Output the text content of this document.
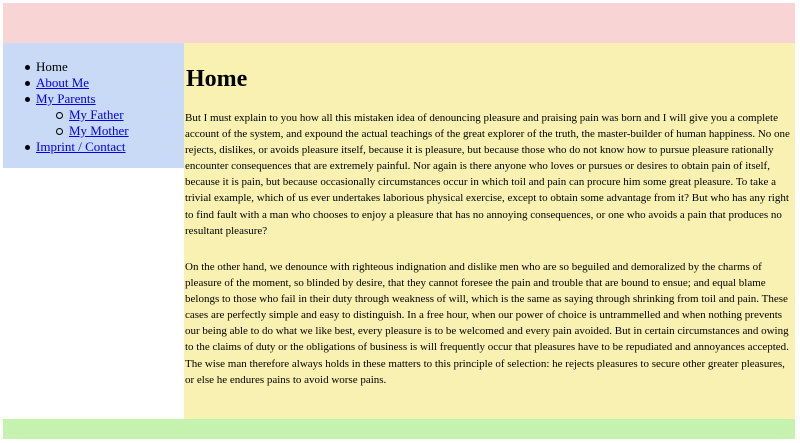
Home
About Me
My Parents
My Father
My Mother
Imprint / Contact
Home

But I must explain to you how all this mistaken idea of denouncing pleasure and praising pain was born and I will give you a complete account of the system, and expound the actual teachings of the great explorer of the truth, the master-builder of human happiness. No one rejects, dislikes, or avoids pleasure itself, because it is pleasure, but because those who do not know how to pursue pleasure rationally encounter consequences that are extremely painful. Nor again is there anyone who loves or pursues or desires to obtain pain of itself, because it is pain, but because occasionally circumstances occur in which toil and pain can procure him some great pleasure. To take a trivial example, which of us ever undertakes laborious physical exercise, except to obtain some advantage from it? But who has any right to find fault with a man who chooses to enjoy a pleasure that has no annoying consequences, or one who avoids a pain that produces no resultant pleasure?

On the other hand, we denounce with righteous indignation and dislike men who are so beguiled and demoralized by the charms of pleasure of the moment, so blinded by desire, that they cannot foresee the pain and trouble that are bound to ensue; and equal blame belongs to those who fail in their duty through weakness of will, which is the same as saying through shrinking from toil and pain. These cases are perfectly simple and easy to distinguish. In a free hour, when our power of choice is untrammelled and when nothing prevents our being able to do what we like best, every pleasure is to be welcomed and every pain avoided. But in certain circumstances and owing to the claims of duty or the obligations of business is will frequently occur that pleasures have to be repudiated and annoyances accepted. The wise man therefore always holds in these matters to this principle of selection: he rejects pleasures to secure other greater pleasures, or else he endures pains to avoid worse pains.
